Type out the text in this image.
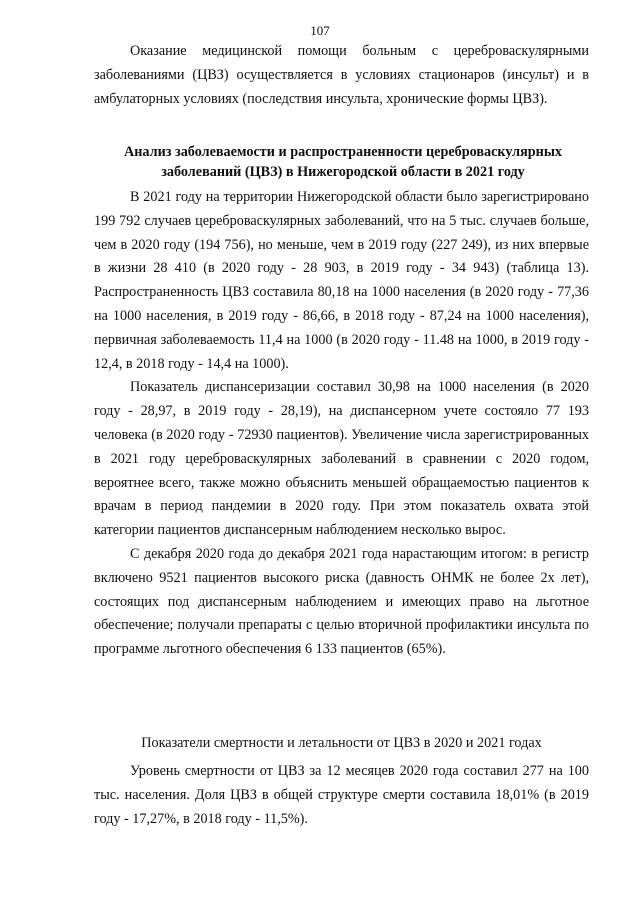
107

Оказание медицинской помощи больным с цереброваскулярными заболеваниями (ЦВЗ) осуществляется в условиях стационаров (инсульт) и в амбулаторных условиях (последствия инсульта, хронические формы ЦВЗ).

Анализ заболеваемости и распространенности цереброваскулярных заболеваний (ЦВЗ) в Нижегородской области в 2021 году

В 2021 году на территории Нижегородской области было зарегистрировано 199 792 случаев цереброваскулярных заболеваний, что на 5 тыс. случаев больше, чем в 2020 году (194 756), но меньше, чем в 2019 году (227 249), из них впервые в жизни 28 410 (в 2020 году - 28 903, в 2019 году - 34 943) (таблица 13). Распространенность ЦВЗ составила 80,18 на 1000 населения (в 2020 году - 77,36 на 1000 населения, в 2019 году - 86,66, в 2018 году - 87,24 на 1000 населения), первичная заболеваемость 11,4 на 1000 (в 2020 году - 11.48 на 1000, в 2019 году - 12,4, в 2018 году - 14,4 на 1000).

Показатель диспансеризации составил 30,98 на 1000 населения (в 2020 году - 28,97, в 2019 году - 28,19), на диспансерном учете состояло 77 193 человека (в 2020 году - 72930 пациентов). Увеличение числа зарегистрированных в 2021 году цереброваскулярных заболеваний в сравнении с 2020 годом, вероятнее всего, также можно объяснить меньшей обращаемостью пациентов к врачам в период пандемии в 2020 году. При этом показатель охвата этой категории пациентов диспансерным наблюдением несколько вырос.

С декабря 2020 года до декабря 2021 года нарастающим итогом: в регистр включено 9521 пациентов высокого риска (давность ОНМК не более 2х лет), состоящих под диспансерным наблюдением и имеющих право на льготное обеспечение; получали препараты с целью вторичной профилактики инсульта по программе льготного обеспечения 6 133 пациентов (65%).

Показатели смертности и летальности от ЦВЗ в 2020 и 2021 годах

Уровень смертности от ЦВЗ за 12 месяцев 2020 года составил 277 на 100 тыс. населения. Доля ЦВЗ в общей структуре смерти составила 18,01% (в 2019 году - 17,27%, в 2018 году - 11,5%).
